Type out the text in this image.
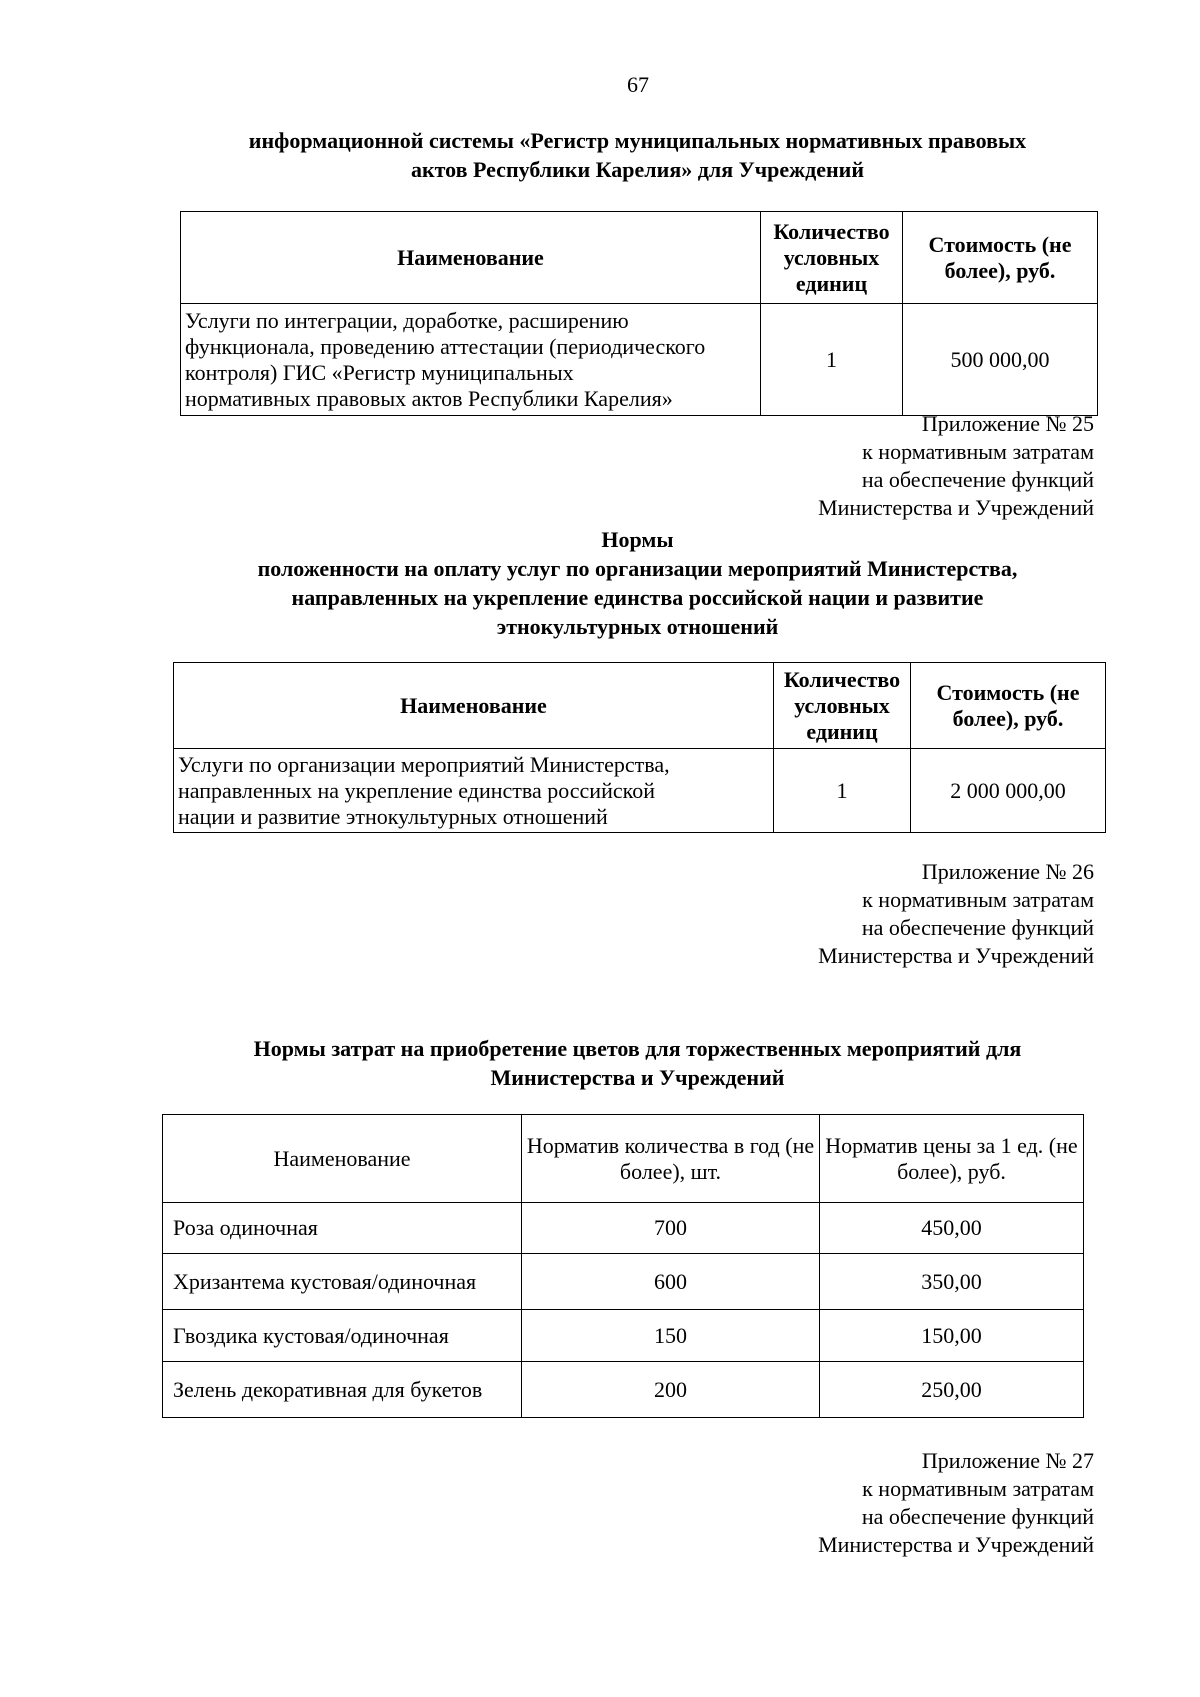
67
информационной системы «Регистр муниципальных нормативных правовых
актов Республики Карелия» для Учреждений
Наименование	Количество условных единиц	Стоимость (не более), руб.

Услуги по интеграции, доработке, расширению
функционала, проведению аттестации (периодического
контроля) ГИС «Регистр муниципальных
нормативных правовых актов Республики Карелия»	1	500 000,00
Приложение № 25
к нормативным затратам
на обеспечение функций
Министерства и Учреждений
Нормы
положенности на оплату услуг по организации мероприятий Министерства,
направленных на укрепление единства российской нации и развитие
этнокультурных отношений
Наименование	Количество условных единиц	Стоимость (не более), руб.

Услуги по организации мероприятий Министерства,
направленных на укрепление единства российской
нации и развитие этнокультурных отношений	1	2 000 000,00
Приложение № 26
к нормативным затратам
на обеспечение функций
Министерства и Учреждений
Нормы затрат на приобретение цветов для торжественных мероприятий для
Министерства и Учреждений
Наименование	Норматив количества в год (не более), шт.	Норматив цены за 1 ед. (не более), руб.
Роза одиночная	700	450,00
Хризантема кустовая/одиночная	600	350,00
Гвоздика кустовая/одиночная	150	150,00
Зелень декоративная для букетов	200	250,00
Приложение № 27
к нормативным затратам
на обеспечение функций
Министерства и Учреждений
